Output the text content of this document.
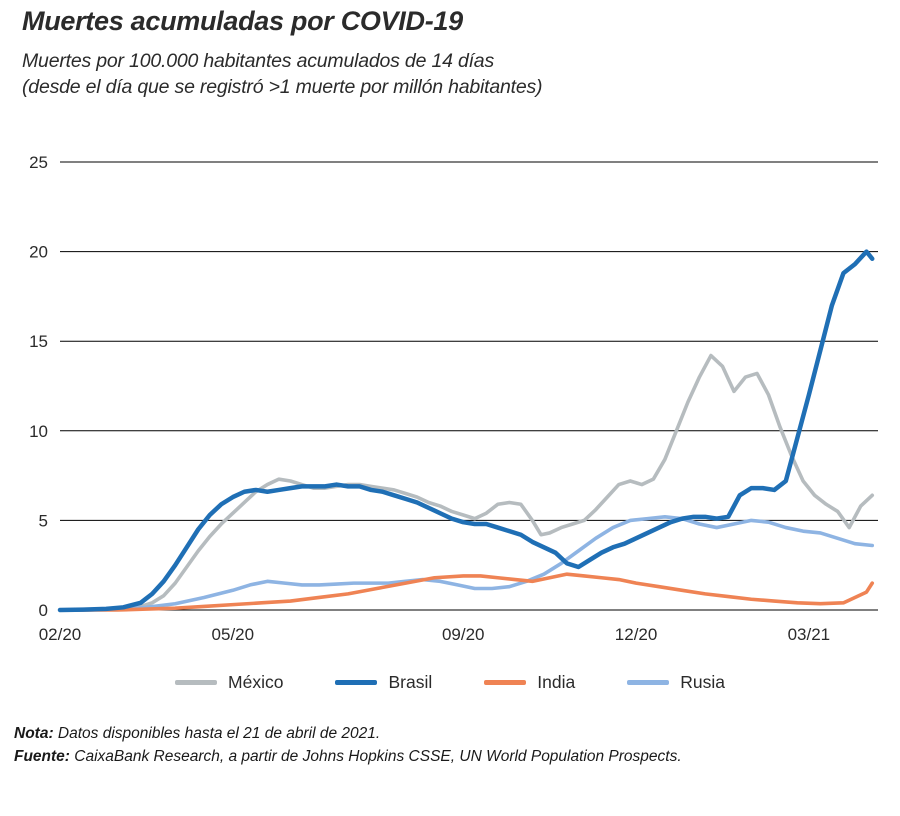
Muertes acumuladas por COVID-19
Muertes por 100.000 habitantes acumulados de 14 días
(desde el día que se registró >1 muerte por millón habitantes)
0
5
10
15
20
25
02/20	05/20	09/20	12/20	03/21
México	Brasil	India	Rusia
Nota: Datos disponibles hasta el 21 de abril de 2021.
Fuente: CaixaBank Research, a partir de Johns Hopkins CSSE, UN World Population Prospects.
